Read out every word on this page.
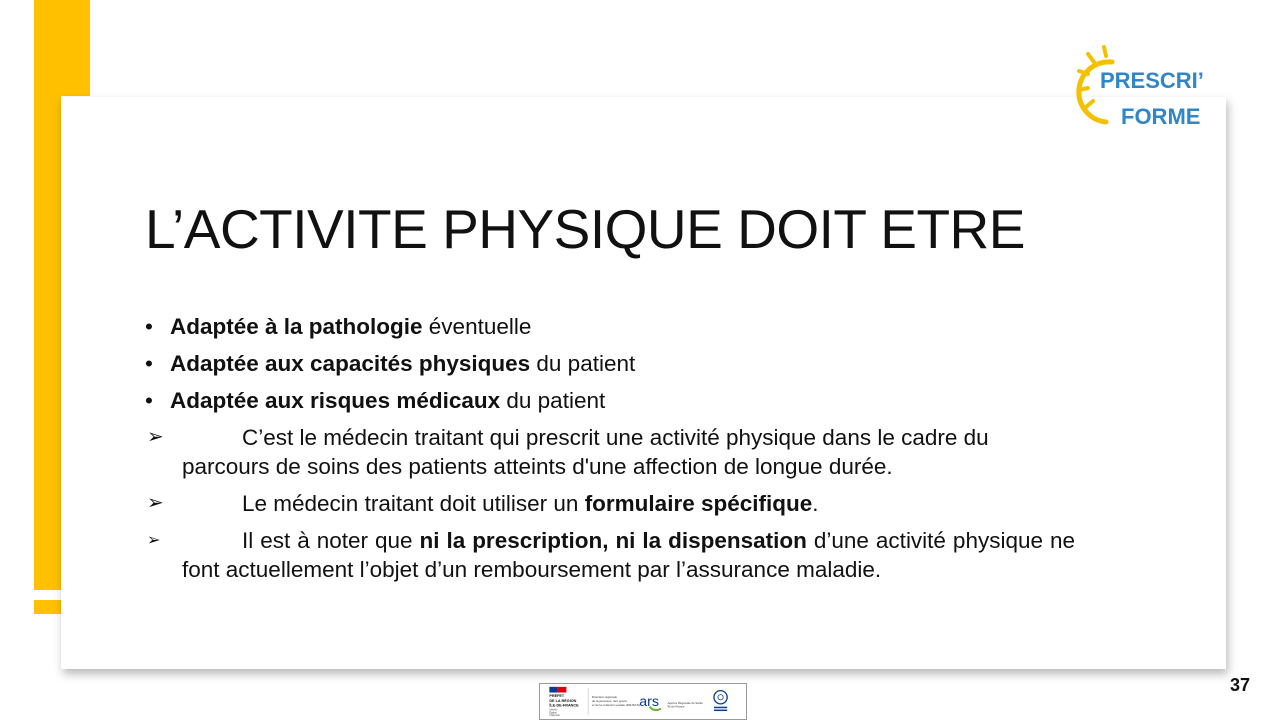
PRESCRI’
FORME
L’ACTIVITE PHYSIQUE DOIT ETRE
• Adaptée à la pathologie éventuelle
• Adaptée aux capacités physiques du patient
• Adaptée aux risques médicaux du patient
➢	C’est le médecin traitant qui prescrit une activité physique dans le cadre du parcours de soins des patients atteints d'une affection de longue durée.
➢	Le médecin traitant doit utiliser un formulaire spécifique.
➢	Il est à noter que ni la prescription, ni la dispensation d’une activité physique ne font actuellement l’objet d’un remboursement par l’assurance maladie.
37
PRÉFET
DE LA RÉGION
ÎLE-DE-FRANCE
Liberté
Égalité
Fraternité
Direction régionale
de la jeunesse, des sports
et de la cohésion sociale (DRJSCS) ars	Agence Régionale de Santé
Île-de-France
